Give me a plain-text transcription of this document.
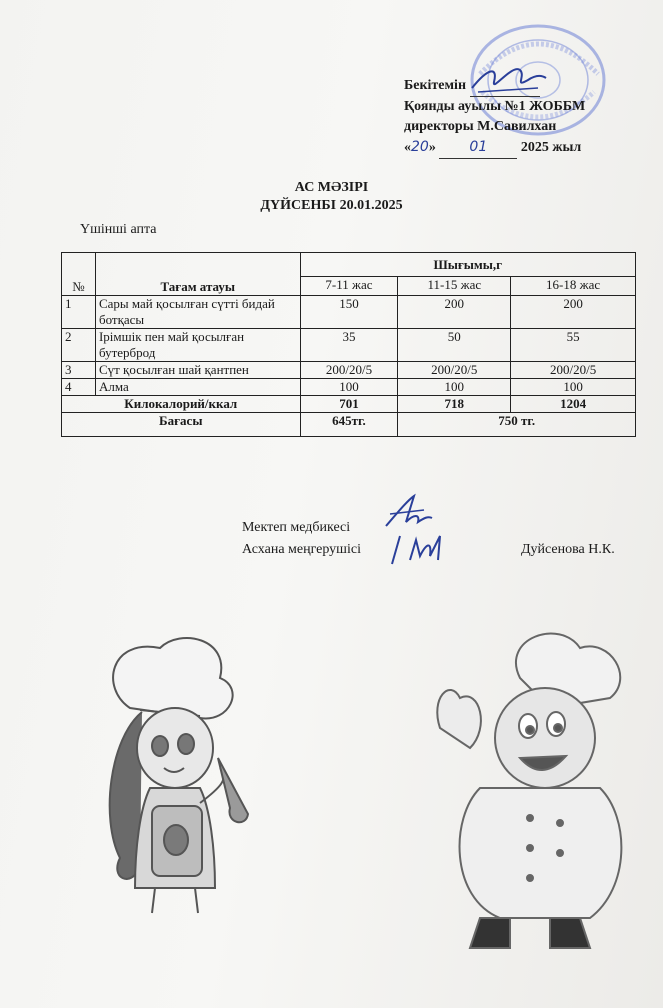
Бекітемін
Қоянды ауылы №1 ЖОББМ
директоры М.Савилхан
«20» 01 2025 жыл
АС МӘЗІРІ
ДҮЙСЕНБІ 20.01.2025
Үшінші апта
№	Тағам атауы	Шығымы,г		
		7-11 жас	11-15 жас	16-18 жас
1	Сары май қосылған сүтті бидай ботқасы	150	200	200
2	Ірімшік пен май қосылған бутерброд	35	50	55
3	Сүт қосылған шай қантпен	200/20/5	200/20/5	200/20/5
4	Алма	100	100	100
Килокалорий/ккал		701	718	1204
Бағасы		645тг.	750 тг.	
Мектеп медбикесі
Асхана меңгерушісі	Дуйсенова Н.К.
